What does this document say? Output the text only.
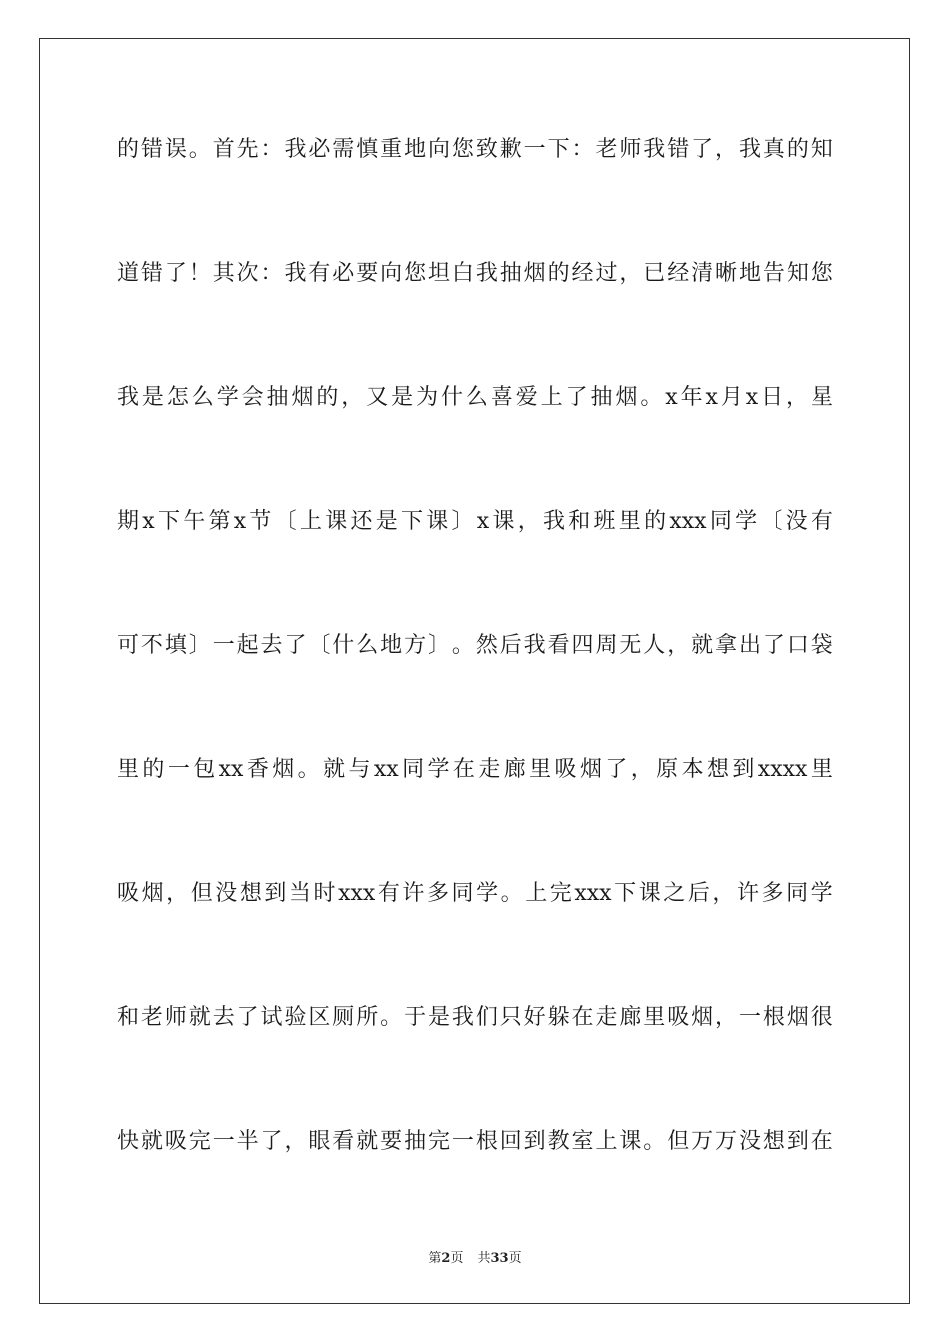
的 错 误 。 首 先 ： 我 必 需 慎 重 地 向 您 致 歉 一 下 ： 老 师 我 错 了 ， 我 真 的 知
道 错 了 ！ 其 次 ： 我 有 必 要 向 您 坦 白 我 抽 烟 的 经 过 ， 已 经 清 晰 地 告 知 您
我 是 怎 么 学 会 抽 烟 的 ， 又 是 为 什 么 喜 爱 上 了 抽 烟 。 x 年 x 月 x 日 ， 星
期 x 下 午 第 x 节 〔 上 课 还 是 下 课 〕 x 课 ， 我 和 班 里 的 xxx 同 学 〔 没 有
可 不 填 〕 一 起 去 了 〔 什 么 地 方 〕 。 然 后 我 看 四 周 无 人 ， 就 拿 出 了 口 袋
里 的 一 包 xx 香 烟 。 就 与 xx 同 学 在 走 廊 里 吸 烟 了 ， 原 本 想 到 xxxx 里
吸 烟 ， 但 没 想 到 当 时 xxx 有 许 多 同 学 。 上 完 xxx 下 课 之 后 ， 许 多 同 学
和 老 师 就 去 了 试 验 区 厕 所 。 于 是 我 们 只 好 躲 在 走 廊 里 吸 烟 ， 一 根 烟 很
快 就 吸 完 一 半 了 ， 眼 看 就 要 抽 完 一 根 回 到 教 室 上 课 。 但 万 万 没 想 到 在
第2页 共33页
